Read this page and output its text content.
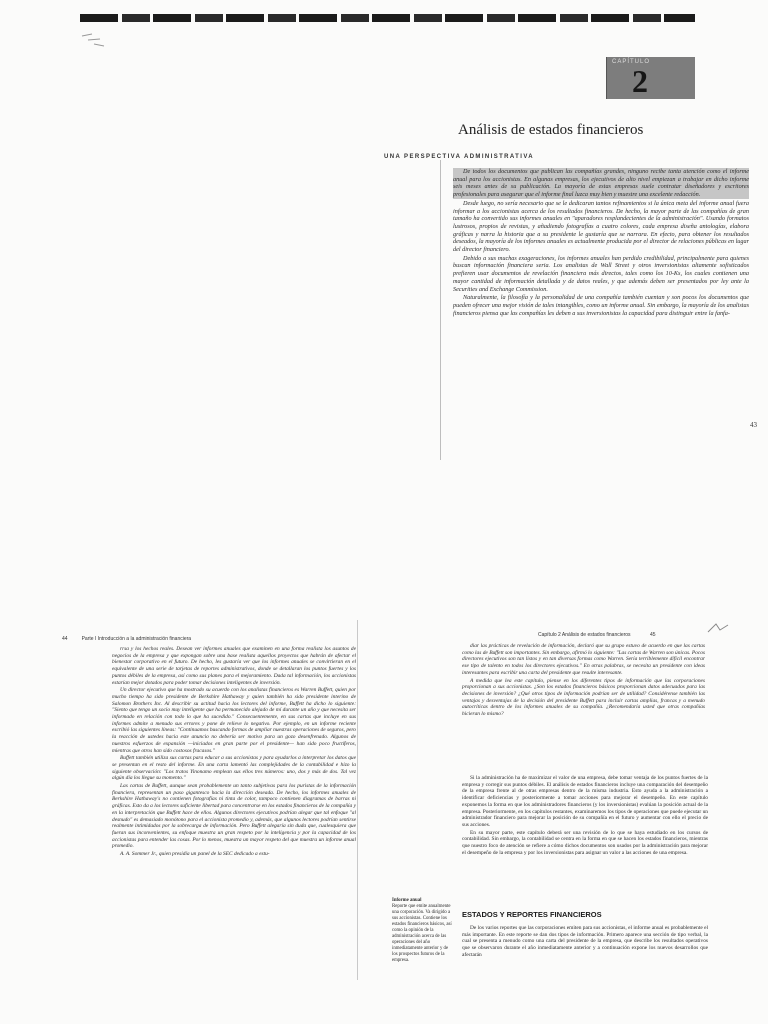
CAPÍTULO
2
Análisis de estados financieros
UNA PERSPECTIVA ADMINISTRATIVA

De todos los documentos que publican las compañías grandes, ninguno recibe tanta atención como el informe anual para los accionistas. En algunas empresas, los ejecutivos de alto nivel empiezan a trabajar en dicho informe seis meses antes de su publicación. La mayoría de estas empresas suele contratar diseñadores y escritores profesionales para asegurar que el informe final luzca muy bien y muestre una excelente redacción.

Desde luego, no sería necesario que se le dedicaran tantos refinamientos si la única meta del informe anual fuera informar a los accionistas acerca de los resultados financieros. De hecho, la mayor parte de las compañías de gran tamaño ha convertido sus informes anuales en "aparadores resplandecientes de la administración". Usando formatos lustrosos, propios de revistas, y añadiendo fotografías a cuatro colores, cada empresa diseña antologías, elabora gráficas y narra la historia que a su presidente le gustaría que se narrara. En efecto, para obtener los resultados deseados, la mayoría de los informes anuales es actualmente producida por el director de relaciones públicas en lugar del director financiero.

Debido a sus muchas exageraciones, los informes anuales han perdido credibilidad, principalmente para quienes buscan información financiera seria. Los analistas de Wall Street y otros inversionistas altamente sofisticados prefieren usar documentos de revelación financiera más directos, tales como los 10-Ks, los cuales contienen una mayor cantidad de información detallada y de datos reales, y que además deben ser presentados por ley ante la Securities and Exchange Commission.

Naturalmente, la filosofía y la personalidad de una compañía también cuentan y son pocos los documentos que pueden ofrecer una mejor visión de tales intangibles, como un informe anual. Sin embargo, la mayoría de los analistas financieros piensa que las compañías les deben a sus inversionistas la capacidad para distinguir entre la fanfa-

43
44	Parte I Introducción a la administración financiera

rrsa y los hechos reales. Desean ver informes anuales que examinen en una forma realista los asuntos de negocios de la empresa y que expongan sobre una base realista aquellos proyectos que habrán de afectar el bienestar corporativo en el futuro. De hecho, les gustaría ver que los informes anuales se convirtieran en el equivalente de una serie de tarjetas de reportes administrativos, donde se detallaran los puntos fuertes y los puntos débiles de la empresa, así como sus planes para el mejoramiento. Dada tal información, los accionistas estarían mejor dotados para poder tomar decisiones inteligentes de inversión.

Un director ejecutivo que ha mostrado su acuerdo con los analistas financieros es Warren Buffett, quien por mucho tiempo ha sido presidente de Berkshire Hathaway y quien también ha sido presidente interino de Salomon Brothers Inc. Al describir su actitud hacia los lectores del informe, Buffett ha dicho lo siguiente: "Siento que tengo un socio muy inteligente que ha permanecido alejado de mí durante un año y que necesita ser informado en relación con todo lo que ha sucedido." Consecuentemente, en sus cartas que incluye en sus informes admite a menudo sus errores y pone de relieve lo negativo. Por ejemplo, en un informe reciente escribió las siguientes líneas: "Continuamos buscando formas de ampliar nuestras operaciones de seguros, pero la reacción de ustedes hacia este anuncio no debería ser motivo para un gozo desenfrenado. Algunos de nuestros esfuerzos de expansión —iniciados en gran parte por el presidente— han sido poco fructíferos, mientras que otros han sido costosos fracasos."

Buffett también utiliza sus cartas para educar a sus accionistas y para ayudarlos a interpretar los datos que se presentan en el resto del informe. En una carta lamentó las complejidades de la contabilidad e hizo la siguiente observación: "Los tratos Yinonamo emplean sus ellos tres números: uno, dos y más de dos. Tal vez algún día los llegue su momento."

Las cartas de Buffett, aunque sean probablemente un tanto subjetivas para los puristas de la información financiera, representan un paso gigantesco hacia la dirección deseada. De hecho, los informes anuales de Berkshire Hathaway's no contienen fotografías ni tinta de color, tampoco contienen diagramas de barras ni gráficas. Esto da a los lectores suficiente libertad para concentrarse en los estados financieros de la compañía y en la interpretación que Buffett hace de ellos. Algunos directores ejecutivos podrían alegar que tal enfoque "al desnudo" es demasiado monótono para el accionista promedio y, además, que algunos lectores podrían sentirse realmente intimidados por la sobrecarga de información. Pero Buffett alegaría sin duda que, cualesquiera que fueran sus inconvenientes, su enfoque muestra un gran respeto por la inteligencia y por la capacidad de los accionistas para entender las cosas. Por lo menos, muestra un mayor respeto del que muestra un informe anual promedio.

A. A. Sommer Jr., quien presidía un panel de la SEC dedicado a estu-

Capítulo 2 Análisis de estados financieros	45

diar las prácticas de revelación de información, declaró que su grupo estuvo de acuerdo en que las cartas como las de Buffett son importantes. Sin embargo, afirmó lo siguiente: "Las cartas de Warren son únicas. Pocos directores ejecutivos son tan listos y en tan diversas formas como Warren. Sería terriblemente difícil encontrar ese tipo de talento en todos los directores ejecutivos." En otras palabras, se necesita un presidente con ideas interesantes para escribir una carta del presidente que resulte interesante.

A medida que lea este capítulo, piense en los diferentes tipos de información que las corporaciones proporcionan a sus accionistas. ¿Son los estados financieros básicos proporcionan datos adecuados para las decisiones de inversión? ¿Qué otros tipos de información podrían ser de utilidad? Considérense también las ventajas y desventajas de la decisión del presidente Buffett para incluir cartas amplias, francas y a menudo autocríticas dentro de los informes anuales de su compañía. ¿Recomendaría usted que otras compañías hicieran lo mismo?

Si la administración ha de maximizar el valor de una empresa, debe tomar ventaja de los puntos fuertes de la empresa y corregir sus puntos débiles. El análisis de estados financieros incluye una comparación del desempeño de la empresa frente al de otras empresas dentro de la misma industria. Esto ayuda a la administración a identificar deficiencias y posteriormente a tomar acciones para mejorar el desempeño. En este capítulo exponemos la forma en que los administradores financieros (y los inversionistas) evalúan la posición actual de la empresa. Posteriormente, en los capítulos restantes, examinaremos los tipos de operaciones que puede ejecutar un administrador financiero para mejorar la posición de su compañía en el futuro y aumentar con ello el precio de sus acciones.

En su mayor parte, este capítulo deberá ser una revisión de lo que se haya estudiado en los cursos de contabilidad. Sin embargo, la contabilidad se centra en la forma en que se hacen los estados financieros, mientras que nuestro foco de atención se refiere a cómo dichos documentos son usados por la administración para mejorar el desempeño de la empresa y por los inversionistas para asignar un valor a las acciones de una empresa.

Informe anual
Reporte que emite anualmente una corporación. Va dirigido a sus accionistas. Contiene los estados financieros básicos, así como la opinión de la administración acerca de las operaciones del año inmediatamente anterior y de los prospectos futuros de la empresa.
ESTADOS Y REPORTES FINANCIEROS

De los varios reportes que las corporaciones emiten para sus accionistas, el informe anual es probablemente el más importante. En este reporte se dan dos tipos de información. Primero aparece una sección de tipo verbal, la cual se presenta a menudo como una carta del presidente de la empresa, que describe los resultados operativos que se observaron durante el año inmediatamente anterior y a continuación expone los nuevos desarrollos que afectarán
